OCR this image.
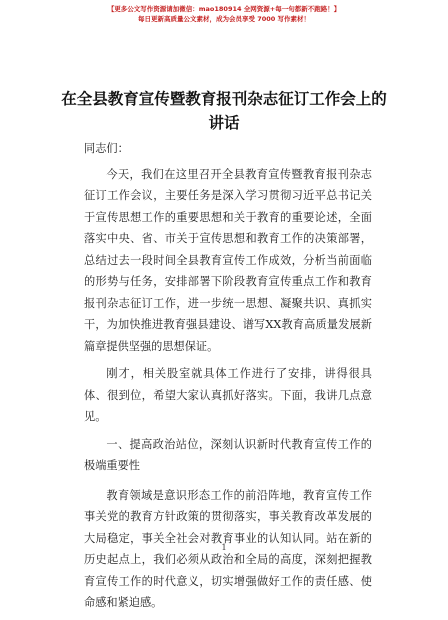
【更多公文写作资源请加微信：mao180914 全网资源+每一句都新不跑路！】
每日更新高质量公文素材，成为会员享受 7000 写作素材！
在全县教育宣传暨教育报刊杂志征订工作会上的讲话

同志们：

今天，我们在这里召开全县教育宣传暨教育报刊杂志征订工作会议，主要任务是深入学习贯彻习近平总书记关于宣传思想工作的重要思想和关于教育的重要论述，全面落实中央、省、市关于宣传思想和教育工作的决策部署，总结过去一段时间全县教育宣传工作成效，分析当前面临的形势与任务，安排部署下阶段教育宣传重点工作和教育报刊杂志征订工作，进一步统一思想、凝聚共识、真抓实干，为加快推进教育强县建设、谱写XX教育高质量发展新篇章提供坚强的思想保证。

刚才，相关股室就具体工作进行了安排，讲得很具体、很到位，希望大家认真抓好落实。下面，我讲几点意见。

一、提高政治站位，深刻认识新时代教育宣传工作的极端重要性

教育领域是意识形态工作的前沿阵地，教育宣传工作事关党的教育方针政策的贯彻落实，事关教育改革发展的大局稳定，事关全社会对教育事业的认知认同。站在新的历史起点上，我们必须从政治和全局的高度，深刻把握教育宣传工作的时代意义，切实增强做好工作的责任感、使命感和紧迫感。

1
